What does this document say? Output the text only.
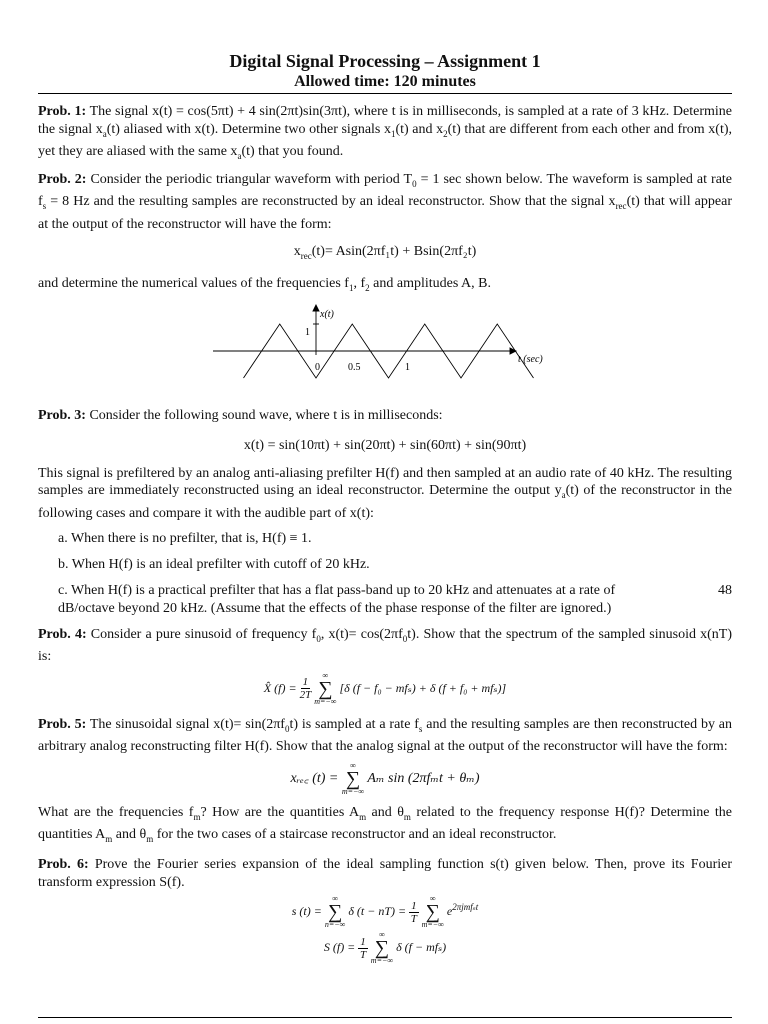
Digital Signal Processing – Assignment 1
Allowed time: 120 minutes

Prob. 1: The signal x(t) = cos(5πt) + 4 sin(2πt)sin(3πt), where t is in milliseconds, is sampled at a rate of 3 kHz. Determine the signal $x_a(t)$ aliased with x(t). Determine two other signals $x_1(t)$ and $x_2(t)$ that are different from each other and from x(t), yet they are aliased with the same $x_a(t)$ that you found.

Prob. 2: Consider the periodic triangular waveform with period $T_0 = 1$ sec shown below. The waveform is sampled at rate $f_s = 8$ Hz and the resulting samples are reconstructed by an ideal reconstructor. Show that the signal $x_{rec}(t)$ that will appear at the output of the reconstructor will have the form:

$x_{rec}(t)= Asin(2\pi f_1t) + Bsin(2\pi f_2t)$

and determine the numerical values of the frequencies $f_1$, $f_2$ and amplitudes A, B.

x(t)
t (sec)
1
0	0.5	1

Prob. 3: Consider the following sound wave, where t is in milliseconds:

x(t) = sin(10πt) + sin(20πt) + sin(60πt) + sin(90πt)

This signal is prefiltered by an analog anti-aliasing prefilter H(f) and then sampled at an audio rate of 40 kHz. The resulting samples are immediately reconstructed using an ideal reconstructor. Determine the output $y_a(t)$ of the reconstructor in the following cases and compare it with the audible part of x(t):

a. When there is no prefilter, that is, H(f) ≡ 1.
b. When H(f) is an ideal prefilter with cutoff of 20 kHz.
c. When H(f) is a practical prefilter that has a flat pass-band up to 20 kHz and attenuates at a rate of	48

dB/octave beyond 20 kHz. (Assume that the effects of the phase response of the filter are ignored.)

Prob. 4: Consider a pure sinusoid of frequency $f_0$, $x(t)= \cos(2\pi f_0t)$. Show that the spectrum of the sampled sinusoid x(nT) is:

X̂ $(f) = \frac{1}{2T}$

∞
∑
m=−∞
[δ (f − f₀ − mfₛ) + δ (f + f₀ + mfₛ)]

Prob. 5: The sinusoidal signal $x(t)= \sin(2\pi f_0t)$ is sampled at a rate $f_s$ and the resulting samples are then reconstructed by an arbitrary analog reconstructing filter H(f). Show that the analog signal at the output of the reconstructor will have the form:

xᵣₑ꜀ (t) =
∞
∑
m=−∞
Aₘ sin (2πfₘt + θₘ)

What are the frequencies $f_m$? How are the quantities $A_m$ and $\theta_m$ related to the frequency response H(f)? Determine the quantities $A_m$ and $\theta_m$ for the two cases of a staircase reconstructor and an ideal reconstructor.

Prob. 6: Prove the Fourier series expansion of the ideal sampling function s(t) given below. Then, prove its Fourier transform expression S(f).

s (t) =
∞
∑
n=−∞
δ $(t - nT) = \frac{1}{T}$

∞
∑
m=−∞
$e^{2\pi jmf_st}$
S $(f) = \frac{1}{T}$

∞
∑
m=−∞
δ (f − mfₛ)
